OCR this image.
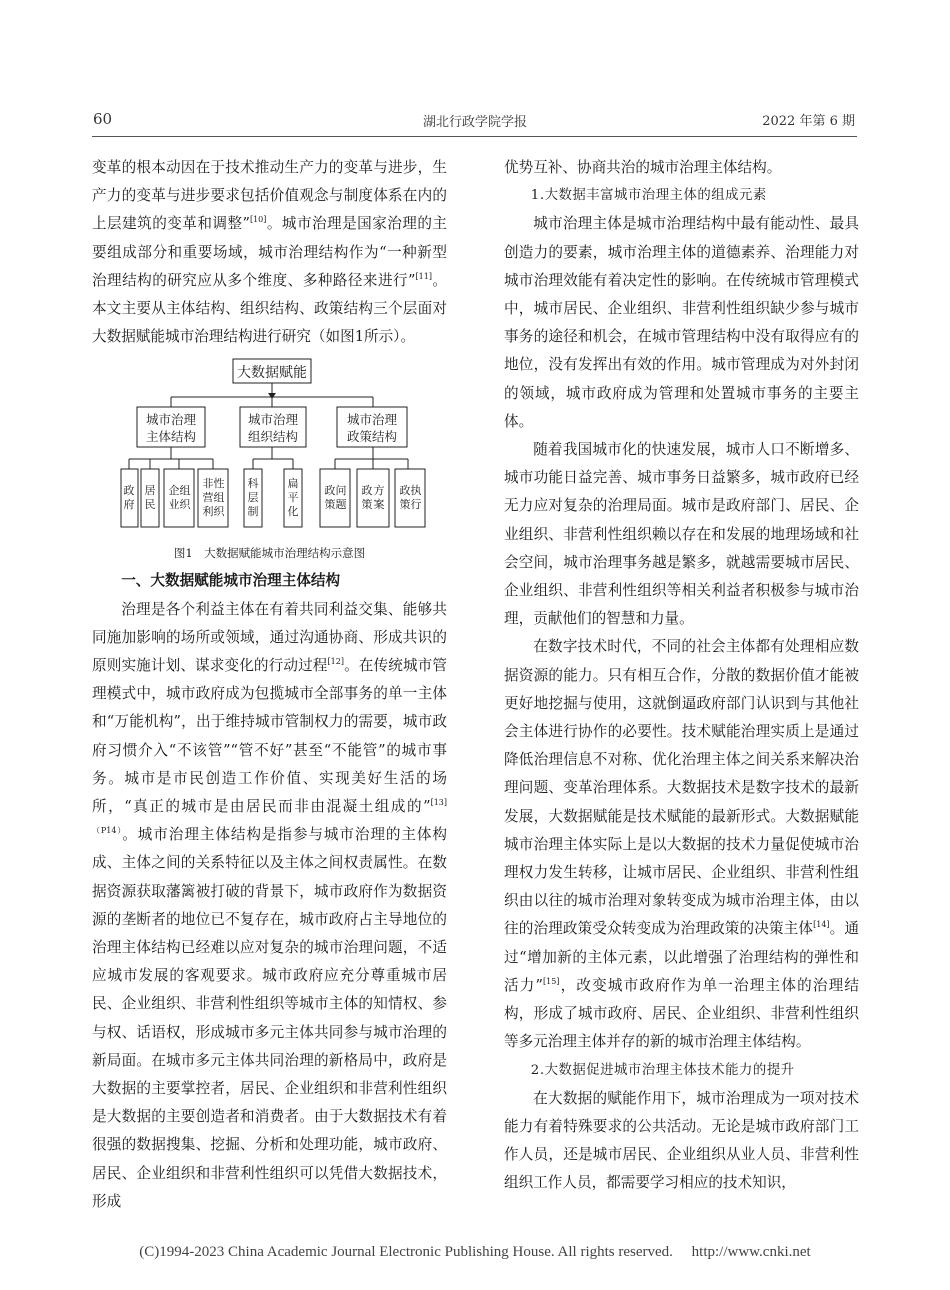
60	湖北行政学院学报	2022 年第 6 期

变革的根本动因在于技术推动生产力的变革与进步，生产力的变革与进步要求包括价值观念与制度体系在内的上层建筑的变革和调整”[10]。城市治理是国家治理的主要组成部分和重要场域，城市治理结构作为“一种新型治理结构的研究应从多个维度、多种路径来进行”[11]。本文主要从主体结构、组织结构、政策结构三个层面对大数据赋能城市治理结构进行研究（如图1所示）。

大数据赋能
城市治理
主体结构
城市治理
组织结构
城市治理
政策结构
政
府
居
民
企
业
组
织
非
营
利
性
组
织
科
层
制
扁
平
化
政
策
问
题
政
策
方
案
政
策
执
行

图1　大数据赋能城市治理结构示意图

一、大数据赋能城市治理主体结构

治理是各个利益主体在有着共同利益交集、能够共同施加影响的场所或领域，通过沟通协商、形成共识的原则实施计划、谋求变化的行动过程[12]。在传统城市管理模式中，城市政府成为包揽城市全部事务的单一主体和“万能机构”，出于维持城市管制权力的需要，城市政府习惯介入“不该管”“管不好”甚至“不能管”的城市事务。城市是市民创造工作价值、实现美好生活的场所，“真正的城市是由居民而非由混凝土组成的”$^{[13](P14)}$。城市治理主体结构是指参与城市治理的主体构成、主体之间的关系特征以及主体之间权责属性。在数据资源获取藩篱被打破的背景下，城市政府作为数据资源的垄断者的地位已不复存在，城市政府占主导地位的治理主体结构已经难以应对复杂的城市治理问题，不适应城市发展的客观要求。城市政府应充分尊重城市居民、企业组织、非营利性组织等城市主体的知情权、参与权、话语权，形成城市多元主体共同参与城市治理的新局面。在城市多元主体共同治理的新格局中，政府是大数据的主要掌控者，居民、企业组织和非营利性组织是大数据的主要创造者和消费者。由于大数据技术有着很强的数据搜集、挖掘、分析和处理功能，城市政府、居民、企业组织和非营利性组织可以凭借大数据技术，形成

优势互补、协商共治的城市治理主体结构。

1.大数据丰富城市治理主体的组成元素

城市治理主体是城市治理结构中最有能动性、最具创造力的要素，城市治理主体的道德素养、治理能力对城市治理效能有着决定性的影响。在传统城市管理模式中，城市居民、企业组织、非营利性组织缺少参与城市事务的途径和机会，在城市管理结构中没有取得应有的地位，没有发挥出有效的作用。城市管理成为对外封闭的领域，城市政府成为管理和处置城市事务的主要主体。

随着我国城市化的快速发展，城市人口不断增多、城市功能日益完善、城市事务日益繁多，城市政府已经无力应对复杂的治理局面。城市是政府部门、居民、企业组织、非营利性组织赖以存在和发展的地理场域和社会空间，城市治理事务越是繁多，就越需要城市居民、企业组织、非营利性组织等相关利益者积极参与城市治理，贡献他们的智慧和力量。

在数字技术时代，不同的社会主体都有处理相应数据资源的能力。只有相互合作，分散的数据价值才能被更好地挖掘与使用，这就倒逼政府部门认识到与其他社会主体进行协作的必要性。技术赋能治理实质上是通过降低治理信息不对称、优化治理主体之间关系来解决治理问题、变革治理体系。大数据技术是数字技术的最新发展，大数据赋能是技术赋能的最新形式。大数据赋能城市治理主体实际上是以大数据的技术力量促使城市治理权力发生转移，让城市居民、企业组织、非营利性组织由以往的城市治理对象转变成为城市治理主体，由以往的治理政策受众转变成为治理政策的决策主体[14]。通过“增加新的主体元素，以此增强了治理结构的弹性和活力”[15]，改变城市政府作为单一治理主体的治理结构，形成了城市政府、居民、企业组织、非营利性组织等多元治理主体并存的新的城市治理主体结构。

2.大数据促进城市治理主体技术能力的提升

在大数据的赋能作用下，城市治理成为一项对技术能力有着特殊要求的公共活动。无论是城市政府部门工作人员，还是城市居民、企业组织从业人员、非营利性组织工作人员，都需要学习相应的技术知识，

(C)1994-2023 China Academic Journal Electronic Publishing House. All rights reserved.　 http://www.cnki.net
